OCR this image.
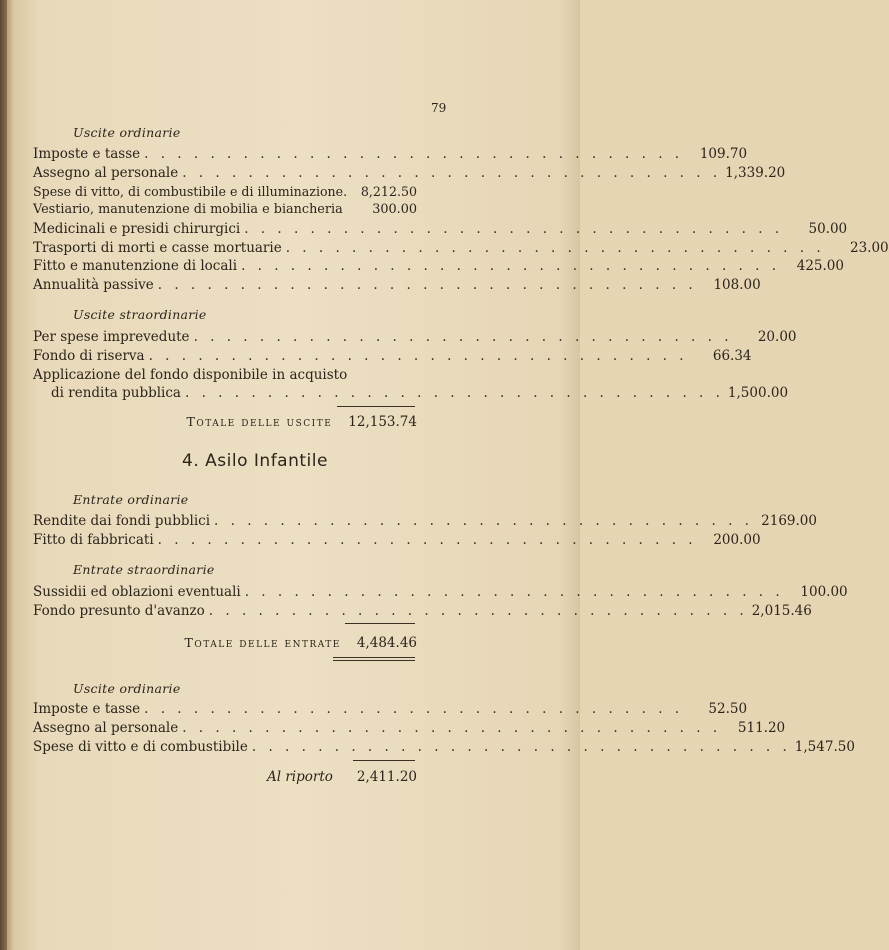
79
Uscite ordinarie
Imposte e tasse . . .	109.70
Assegno al personale . . .	1,339.20
Spese di vitto, di combustibile e di illuminazione.	8,212.50
Vestiario, manutenzione di mobilia e biancheria	300.00
Medicinali e presidi chirurgici . . .	50.00
Trasporti di morti e casse mortuarie . . .	23.00
Fitto e manutenzione di locali . . .	425.00
Annualità passive . . .	108.00
Uscite straordinarie
Per spese imprevedute . . .	20.00
Fondo di riserva . . .	66.34
Applicazione del fondo disponibile in acquisto
di rendita pubblica . . .	1,500.00
Totale delle uscite	12,153.74
4. Asilo Infantile
Entrate ordinarie
Rendite dai fondi pubblici . . .	2169.00
Fitto di fabbricati . . .	200.00
Entrate straordinarie
Sussidii ed oblazioni eventuali . . .	100.00
Fondo presunto d'avanzo . . .	2,015.46
Totale delle entrate	4,484.46
Uscite ordinarie
Imposte e tasse . . .	52.50
Assegno al personale . . .	511.20
Spese di vitto e di combustibile . . .	1,547.50
Al riporto	2,411.20
